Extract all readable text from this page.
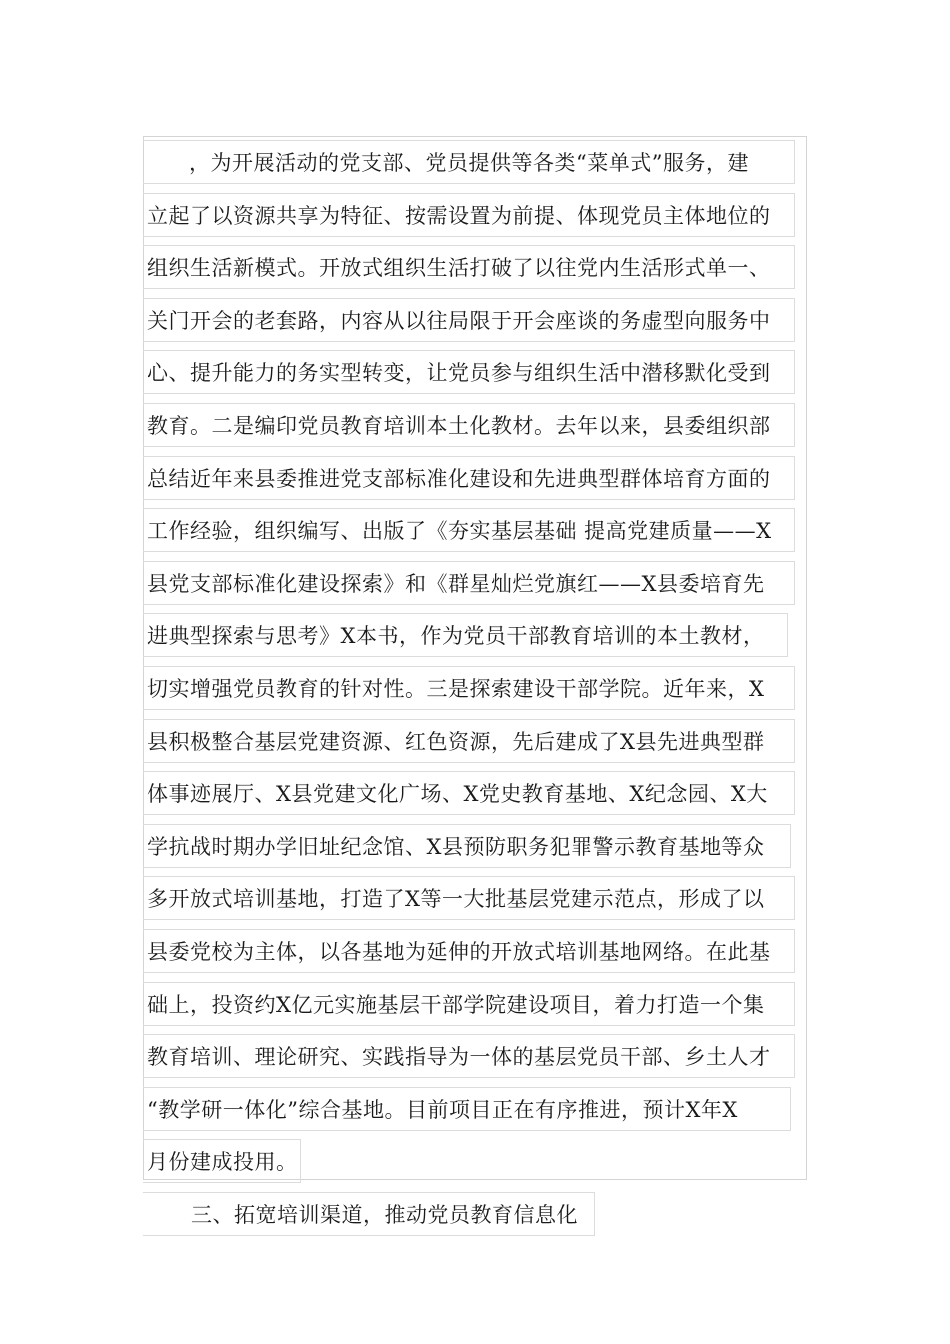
，为开展活动的党支部、党员提供等各类“菜单式”服务，建
立起了以资源共享为特征、按需设置为前提、体现党员主体地位的
组织生活新模式。开放式组织生活打破了以往党内生活形式单一、
关门开会的老套路，内容从以往局限于开会座谈的务虚型向服务中
心、提升能力的务实型转变，让党员参与组织生活中潜移默化受到
教育。二是编印党员教育培训本土化教材。去年以来，县委组织部
总结近年来县委推进党支部标准化建设和先进典型群体培育方面的
工作经验，组织编写、出版了《夯实基层基础 提高党建质量——X
县党支部标准化建设探索》和《群星灿烂党旗红——X县委培育先
进典型探索与思考》X本书，作为党员干部教育培训的本土教材，
切实增强党员教育的针对性。三是探索建设干部学院。近年来，X
县积极整合基层党建资源、红色资源，先后建成了X县先进典型群
体事迹展厅、X县党建文化广场、X党史教育基地、X纪念园、X大
学抗战时期办学旧址纪念馆、X县预防职务犯罪警示教育基地等众
多开放式培训基地，打造了X等一大批基层党建示范点，形成了以
县委党校为主体，以各基地为延伸的开放式培训基地网络。在此基
础上，投资约X亿元实施基层干部学院建设项目，着力打造一个集
教育培训、理论研究、实践指导为一体的基层党员干部、乡土人才
“教学研一体化”综合基地。目前项目正在有序推进，预计X年X
月份建成投用。
三、拓宽培训渠道，推动党员教育信息化
